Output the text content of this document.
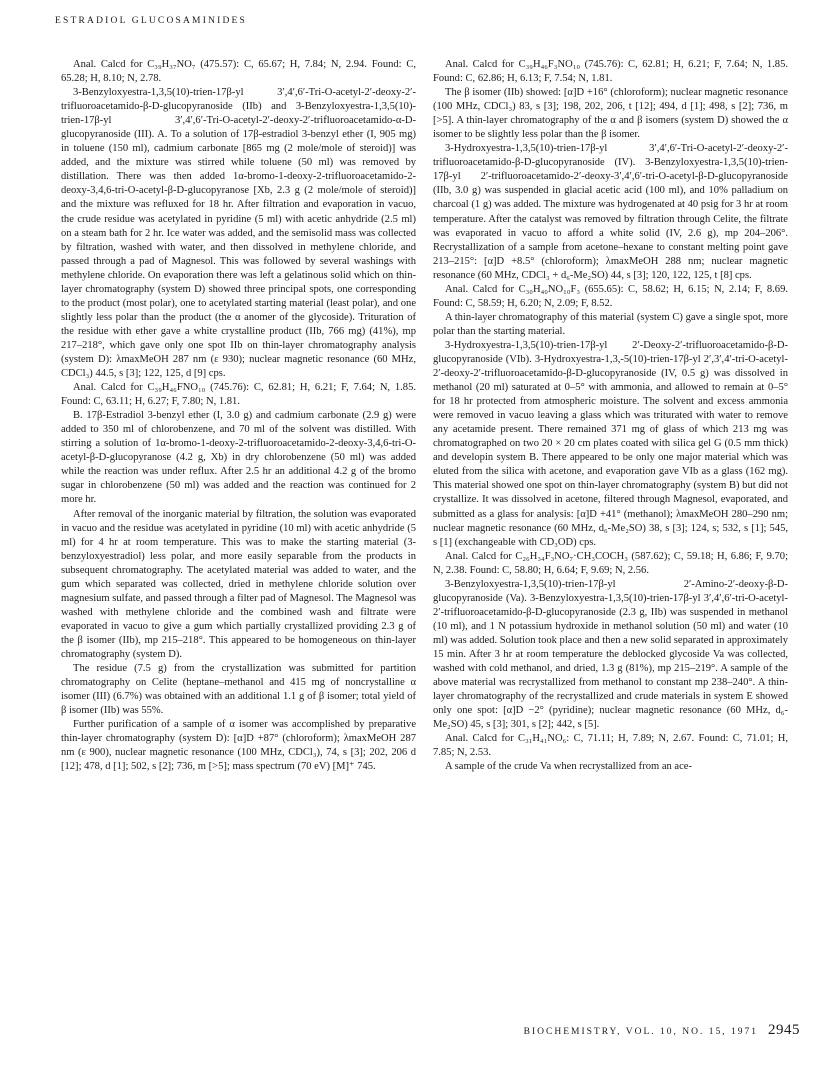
ESTRADIOL GLUCOSAMINIDES

Anal. Calcd for C₃₉H₃₇NO₇ (475.57): C, 65.67; H, 7.84; N, 2.94. Found: C, 65.28; H, 8.10; N, 2.78.

3-Benzyloxyestra-1,3,5(10)-trien-17β-yl 3′,4′,6′-Tri-O-acetyl-2′-deoxy-2′-trifluoroacetamido-β-D-glucopyranoside (IIb) and 3-Benzyloxyestra-1,3,5(10)-trien-17β-yl 3′,4′,6′-Tri-O-acetyl-2′-deoxy-2′-trifluoroacetamido-α-D-glucopyranoside (III). A. To a solution of 17β-estradiol 3-benzyl ether (I, 905 mg) in toluene (150 ml), cadmium carbonate [865 mg (2 mole/mole of steroid)] was added, and the mixture was stirred while toluene (50 ml) was removed by distillation. There was then added 1α-bromo-1-deoxy-2-trifluoroacetamido-2-deoxy-3,4,6-tri-O-acetyl-β-D-glucopyranose [Xb, 2.3 g (2 mole/mole of steroid)] and the mixture was refluxed for 18 hr. After filtration and evaporation in vacuo, the crude residue was acetylated in pyridine (5 ml) with acetic anhydride (2.5 ml) on a steam bath for 2 hr. Ice water was added, and the semisolid mass was collected by filtration, washed with water, and then dissolved in methylene chloride, and passed through a pad of Magnesol. This was followed by several washings with methylene chloride. On evaporation there was left a gelatinous solid which on thin-layer chromatography (system D) showed three principal spots, one corresponding to the product (most polar), one to acetylated starting material (least polar), and one slightly less polar than the product (the α anomer of the glycoside). Trituration of the residue with ether gave a white crystalline product (IIb, 766 mg) (41%), mp 217–218°, which gave only one spot IIb on thin-layer chromatography analysis (system D): λmaxMeOH 287 nm (ε 930); nuclear magnetic resonance (60 MHz, CDCl₃) 44.5, s [3]; 122, 125, d [9] cps.

Anal. Calcd for C₃₉H₄₆FNO₁₀ (745.76): C, 62.81; H, 6.21; F, 7.64; N, 1.85. Found: C, 63.11; H, 6.27; F, 7.80; N, 1.81.

B. 17β-Estradiol 3-benzyl ether (I, 3.0 g) and cadmium carbonate (2.9 g) were added to 350 ml of chlorobenzene, and 70 ml of the solvent was distilled. With stirring a solution of 1α-bromo-1-deoxy-2-trifluoroacetamido-2-deoxy-3,4,6-tri-O-acetyl-β-D-glucopyranose (4.2 g, Xb) in dry chlorobenzene (50 ml) was added while the reaction was under reflux. After 2.5 hr an additional 4.2 g of the bromo sugar in chlorobenzene (50 ml) was added and the reaction was continued for 2 more hr.

After removal of the inorganic material by filtration, the solution was evaporated in vacuo and the residue was acetylated in pyridine (10 ml) with acetic anhydride (5 ml) for 4 hr at room temperature. This was to make the starting material (3-benzyloxyestradiol) less polar, and more easily separable from the products in subsequent chromatography. The acetylated material was added to water, and the gum which separated was collected, dried in methylene chloride solution over magnesium sulfate, and passed through a filter pad of Magnesol. The Magnesol was washed with methylene chloride and the combined wash and filtrate were evaporated in vacuo to give a gum which partially crystallized providing 2.3 g of the β isomer (IIb), mp 215–218°. This appeared to be homogeneous on thin-layer chromatography (system D).

The residue (7.5 g) from the crystallization was submitted for partition chromatography on Celite (heptane–methanol and 415 mg of noncrystalline α isomer (III) (6.7%) was obtained with an additional 1.1 g of β isomer; total yield of β isomer (IIb) was 55%.

Further purification of a sample of α isomer was accomplished by preparative thin-layer chromatography (system D): [α]D +87° (chloroform); λmaxMeOH 287 nm (ε 900), nuclear magnetic resonance (100 MHz, CDCl₃), 74, s [3]; 202, 206 d [12]; 478, d [1]; 502, s [2]; 736, m [>5]; mass spectrum (70 eV) [M]⁺ 745.

Anal. Calcd for C₃₉H₄₆F₃NO₁₀ (745.76): C, 62.81; H, 6.21; F, 7.64; N, 1.85. Found: C, 62.86; H, 6.13; F, 7.54; N, 1.81.

The β isomer (IIb) showed: [α]D +16° (chloroform); nuclear magnetic resonance (100 MHz, CDCl₃) 83, s [3]; 198, 202, 206, t [12]; 494, d [1]; 498, s [2]; 736, m [>5]. A thin-layer chromatography of the α and β isomers (system D) showed the α isomer to be slightly less polar than the β isomer.

3-Hydroxyestra-1,3,5(10)-trien-17β-yl 3′,4′,6′-Tri-O-acetyl-2′-deoxy-2′-trifluoroacetamido-β-D-glucopyranoside (IV). 3-Benzyloxyestra-1,3,5(10)-trien-17β-yl 2′-trifluoroacetamido-2′-deoxy-3′,4′,6′-tri-O-acetyl-β-D-glucopyranoside (IIb, 3.0 g) was suspended in glacial acetic acid (100 ml), and 10% palladium on charcoal (1 g) was added. The mixture was hydrogenated at 40 psig for 3 hr at room temperature. After the catalyst was removed by filtration through Celite, the filtrate was evaporated in vacuo to afford a white solid (IV, 2.6 g), mp 204–206°. Recrystallization of a sample from acetone–hexane to constant melting point gave 213–215°: [α]D +8.5° (chloroform); λmaxMeOH 288 nm; nuclear magnetic resonance (60 MHz, CDCl₃ + d₆-Me₂SO) 44, s [3]; 120, 122, 125, t [8] cps.

Anal. Calcd for C₃₀H₄₀NO₁₀F₃ (655.65): C, 58.62; H, 6.15; N, 2.14; F, 8.69. Found: C, 58.59; H, 6.20; N, 2.09; F, 8.52.

A thin-layer chromatography of this material (system C) gave a single spot, more polar than the starting material.

3-Hydroxyestra-1,3,5(10)-trien-17β-yl 2′-Deoxy-2′-trifluoroacetamido-β-D-glucopyranoside (VIb). 3-Hydroxyestra-1,3,-5(10)-trien-17β-yl 2′,3′,4′-tri-O-acetyl-2′-deoxy-2′-trifluoroacetamido-β-D-glucopyranoside (IV, 0.5 g) was dissolved in methanol (20 ml) saturated at 0–5° with ammonia, and allowed to remain at 0–5° for 18 hr protected from atmospheric moisture. The solvent and excess ammonia were removed in vacuo leaving a glass which was triturated with water to remove any acetamide present. There remained 371 mg of glass of which 213 mg was chromatographed on two 20 × 20 cm plates coated with silica gel G (0.5 mm thick) and developin system B. There appeared to be only one major material which was eluted from the silica with acetone, and evaporation gave VIb as a glass (162 mg). This material showed one spot on thin-layer chromatography (system B) but did not crystallize. It was dissolved in acetone, filtered through Magnesol, evaporated, and submitted as a glass for analysis: [α]D +41° (methanol); λmaxMeOH 280–290 nm; nuclear magnetic resonance (60 MHz, d₆-Me₂SO) 38, s [3]; 124, s; 532, s [1]; 545, s [1] (exchangeable with CD₃OD) cps.

Anal. Calcd for C₂₆H₃₄F₃NO₇·CH₃COCH₃ (587.62); C, 59.18; H, 6.86; F, 9.70; N, 2.38. Found: C, 58.80; H, 6.64; F, 9.69; N, 2.56.

3-Benzyloxyestra-1,3,5(10)-trien-17β-yl 2′-Amino-2′-deoxy-β-D-glucopyranoside (Va). 3-Benzyloxyestra-1,3,5(10)-trien-17β-yl 3′,4′,6′-tri-O-acetyl-2′-trifluoroacetamido-β-D-glucopyranoside (2.3 g, IIb) was suspended in methanol (10 ml), and 1 N potassium hydroxide in methanol solution (50 ml) and water (10 ml) was added. Solution took place and then a new solid separated in approximately 15 min. After 3 hr at room temperature the deblocked glycoside Va was collected, washed with cold methanol, and dried, 1.3 g (81%), mp 215–219°. A sample of the above material was recrystallized from methanol to constant mp 238–240°. A thin-layer chromatography of the recrystallized and crude materials in system E showed only one spot: [α]D −2° (pyridine); nuclear magnetic resonance (60 MHz, d₆-Me₂SO) 45, s [3]; 301, s [2]; 442, s [5].

Anal. Calcd for C₃₁H₄₁NO₆: C, 71.11; H, 7.89; N, 2.67. Found: C, 71.01; H, 7.85; N, 2.53.

A sample of the crude Va when recrystallized from an ace-

BIOCHEMISTRY, VOL. 10, NO. 15, 1971 2945
